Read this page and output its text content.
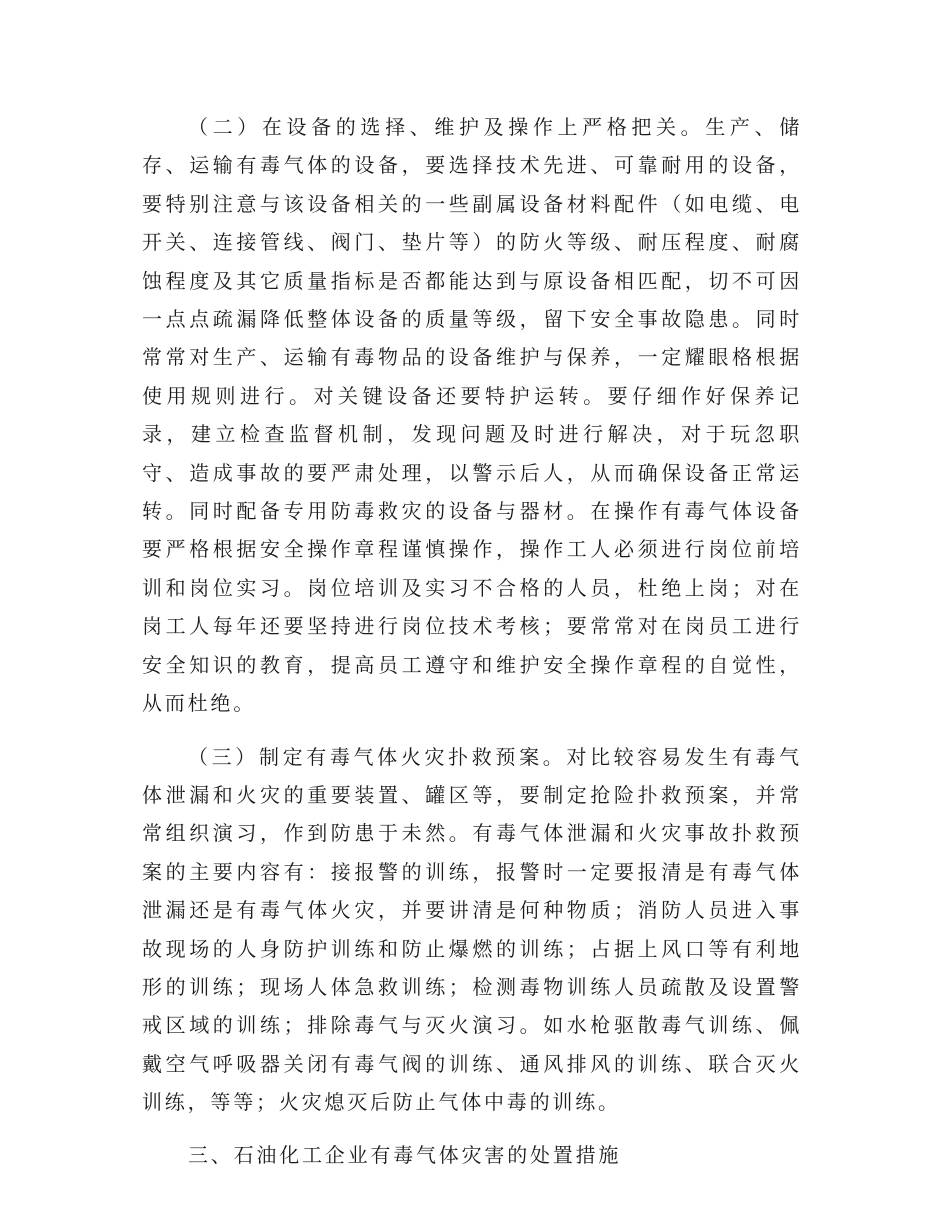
（二）在设备的选择、维护及操作上严格把关。生产、储存、运输有毒气体的设备，要选择技术先进、可靠耐用的设备，要特别注意与该设备相关的一些副属设备材料配件（如电缆、电开关、连接管线、阀门、垫片等）的防火等级、耐压程度、耐腐蚀程度及其它质量指标是否都能达到与原设备相匹配，切不可因一点点疏漏降低整体设备的质量等级，留下安全事故隐患。同时常常对生产、运输有毒物品的设备维护与保养，一定耀眼格根据使用规则进行。对关键设备还要特护运转。要仔细作好保养记录，建立检查监督机制，发现问题及时进行解决，对于玩忽职守、造成事故的要严肃处理，以警示后人，从而确保设备正常运转。同时配备专用防毒救灾的设备与器材。在操作有毒气体设备要严格根据安全操作章程谨慎操作，操作工人必须进行岗位前培训和岗位实习。岗位培训及实习不合格的人员，杜绝上岗；对在岗工人每年还要坚持进行岗位技术考核；要常常对在岗员工进行安全知识的教育，提高员工遵守和维护安全操作章程的自觉性，从而杜绝。

（三）制定有毒气体火灾扑救预案。对比较容易发生有毒气体泄漏和火灾的重要装置、罐区等，要制定抢险扑救预案，并常常组织演习，作到防患于未然。有毒气体泄漏和火灾事故扑救预案的主要内容有：接报警的训练，报警时一定要报清是有毒气体泄漏还是有毒气体火灾，并要讲清是何种物质；消防人员进入事故现场的人身防护训练和防止爆燃的训练；占据上风口等有利地形的训练；现场人体急救训练；检测毒物训练人员疏散及设置警戒区域的训练；排除毒气与灭火演习。如水枪驱散毒气训练、佩戴空气呼吸器关闭有毒气阀的训练、通风排风的训练、联合灭火训练，等等；火灾熄灭后防止气体中毒的训练。

三、石油化工企业有毒气体灾害的处置措施
